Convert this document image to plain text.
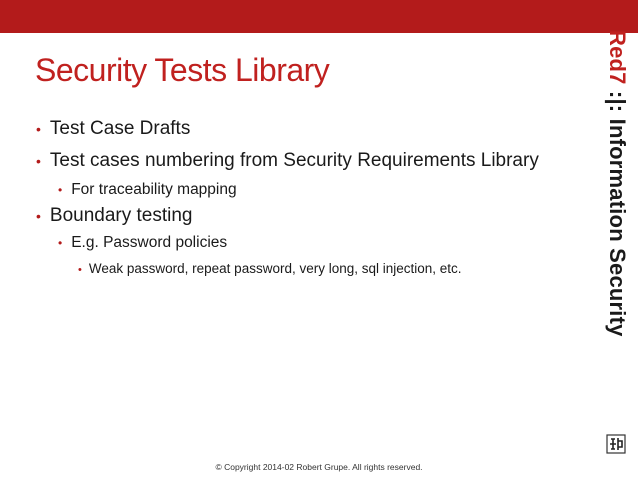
Security Tests Library
• Test Case Drafts
• Test cases numbering from Security Requirements Library
• For traceability mapping
• Boundary testing
• E.g. Password policies
• Weak password, repeat password, very long, sql injection, etc.
Red7 :|: Information Security
© Copyright 2014-02 Robert Grupe. All rights reserved.
